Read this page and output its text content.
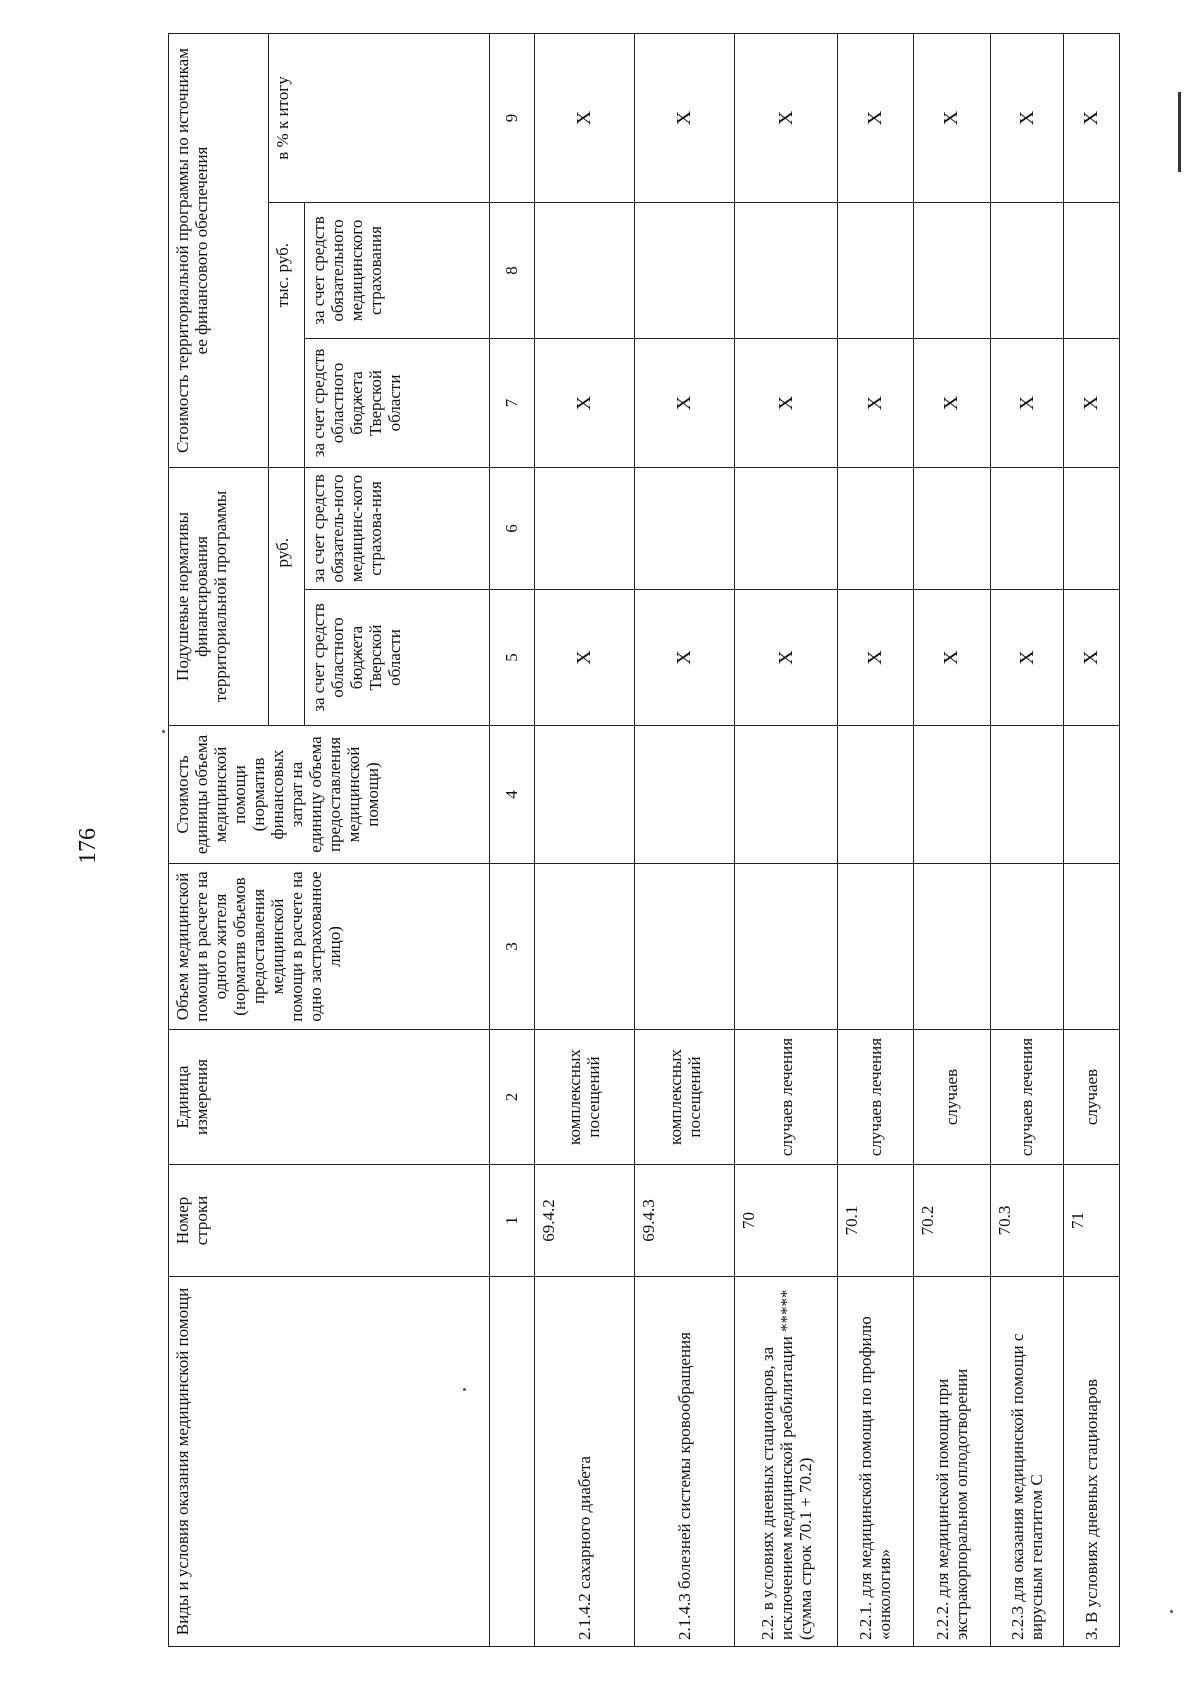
176
Виды и условия оказания медицинской помощи	Номер строки	Единица измерения	Объем медицинской помощи в расчете на одного жителя (норматив объемов предоставления медицинской помощи в расчете на одно застрахованное лицо)	Стоимость единицы объема медицинской помощи (норматив финансовых затрат на единицу объема предоставления медицинской помощи)	Подушевые нормативы финансирования территориальной программы		Стоимость территориальной программы по источникам ее финансового обеспечения		
					руб.		тыс. руб.		в % к итогу
					за счет средств областного бюджета Тверской области	за счет средств обязатель-ного медицинс-кого страхова-ния	за счет средств областного бюджета Тверской области	за счет средств обязательного медицинского страхования	
	1	2	3	4	5	6	7	8	9
2.1.4.2 сахарного диабета	69.4.2	комплексных посещений			Х		Х		Х
2.1.4.3 болезней системы кровообращения	69.4.3	комплексных посещений			Х		Х		Х
2.2. в условиях дневных стационаров, за исключением медицинской реабилитации ***** (сумма строк 70.1 + 70.2)	70	случаев лечения			Х		Х		Х
2.2.1. для медицинской помощи по профилю «онкология»	70.1	случаев лечения			Х		Х		Х
2.2.2. для медицинской помощи при экстракорпоральном оплодотворении	70.2	случаев			Х		Х		Х
2.2.3 для оказания медицинской помощи с вирусным гепатитом С	70.3	случаев лечения			Х		Х		Х
3. В условиях дневных стационаров	71	случаев			Х		Х		Х
